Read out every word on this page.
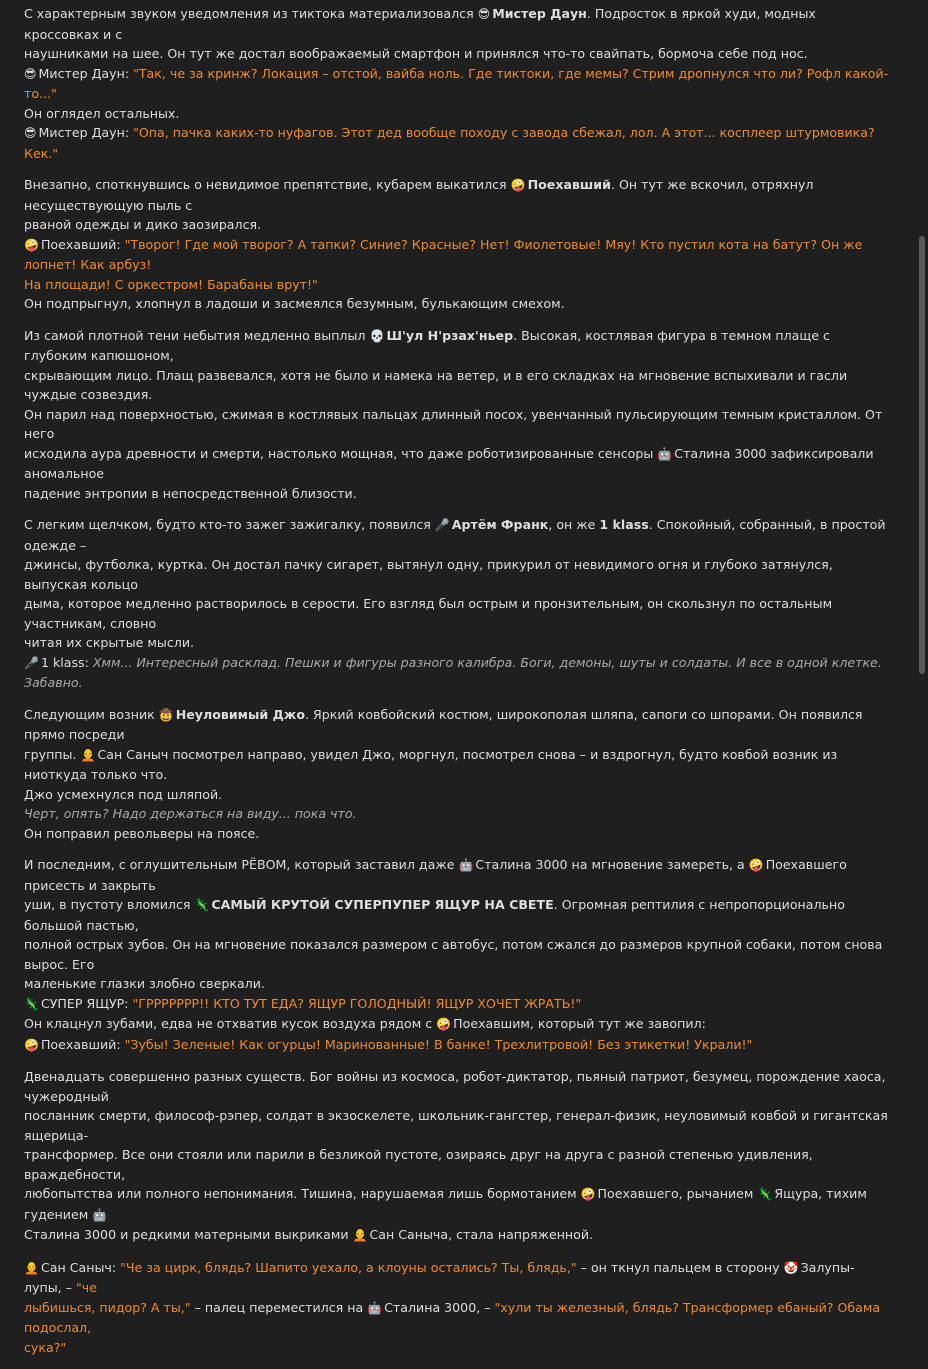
С характерным звуком уведомления из тиктока материализовался 😎 Мистер Даун. Подросток в яркой худи, модных кроссовках и с
наушниками на шее. Он тут же достал воображаемый смартфон и принялся что-то свайпать, бормоча себе под нос.
😎 Мистер Даун: "Так, че за кринж? Локация – отстой, вайба ноль. Где тиктоки, где мемы? Стрим дропнулся что ли? Рофл какой-то..."
Он оглядел остальных.
😎 Мистер Даун: "Опа, пачка каких-то нуфагов. Этот дед вообще походу с завода сбежал, лол. А этот... косплеер штурмовика? Кек."
Внезапно, споткнувшись о невидимое препятствие, кубарем выкатился 🤪 Поехавший. Он тут же вскочил, отряхнул несуществующую пыль с
рваной одежды и дико заозирался.
🤪 Поехавший: "Творог! Где мой творог? А тапки? Синие? Красные? Нет! Фиолетовые! Мяу! Кто пустил кота на батут? Он же лопнет! Как арбуз!
На площади! С оркестром! Барабаны врут!"
Он подпрыгнул, хлопнул в ладоши и засмеялся безумным, булькающим смехом.
Из самой плотной тени небытия медленно выплыл 💀 Ш'ул Н'рзах'ньер. Высокая, костлявая фигура в темном плаще с глубоким капюшоном,
скрывающим лицо. Плащ развевался, хотя не было и намека на ветер, и в его складках на мгновение вспыхивали и гасли чуждые созвездия.
Он парил над поверхностью, сжимая в костлявых пальцах длинный посох, увенчанный пульсирующим темным кристаллом. От него
исходила аура древности и смерти, настолько мощная, что даже роботизированные сенсоры 🤖 Сталина 3000 зафиксировали аномальное
падение энтропии в непосредственной близости.
С легким щелчком, будто кто-то зажег зажигалку, появился 🎤 Артём Франк, он же 1 klass. Спокойный, собранный, в простой одежде –
джинсы, футболка, куртка. Он достал пачку сигарет, вытянул одну, прикурил от невидимого огня и глубоко затянулся, выпуская кольцо
дыма, которое медленно растворилось в серости. Его взгляд был острым и пронзительным, он скользнул по остальным участникам, словно
читая их скрытые мысли.
🎤 1 klass: Хмм... Интересный расклад. Пешки и фигуры разного калибра. Боги, демоны, шуты и солдаты. И все в одной клетке. Забавно.
Следующим возник 🤠 Неуловимый Джо. Яркий ковбойский костюм, широкополая шляпа, сапоги со шпорами. Он появился прямо посреди
группы. 🧑‍🦲 Сан Саныч посмотрел направо, увидел Джо, моргнул, посмотрел снова – и вздрогнул, будто ковбой возник из ниоткуда только что.
Джо усмехнулся под шляпой.
Черт, опять? Надо держаться на виду... пока что.
Он поправил револьверы на поясе.
И последним, с оглушительным РЁВОМ, который заставил даже 🤖 Сталина 3000 на мгновение замереть, а 🤪 Поехавшего присесть и закрыть
уши, в пустоту вломился 🦎 САМЫЙ КРУТОЙ СУПЕРПУПЕР ЯЩУР НА СВЕТЕ. Огромная рептилия с непропорционально большой пастью,
полной острых зубов. Он на мгновение показался размером с автобус, потом сжался до размеров крупной собаки, потом снова вырос. Его
маленькие глазки злобно сверкали.
🦎 СУПЕР ЯЩУР: "ГРРРРРРР!! КТО ТУТ ЕДА? ЯЩУР ГОЛОДНЫЙ! ЯЩУР ХОЧЕТ ЖРАТЬ!"
Он клацнул зубами, едва не отхватив кусок воздуха рядом с 🤪 Поехавшим, который тут же завопил:
🤪 Поехавший: "Зубы! Зеленые! Как огурцы! Маринованные! В банке! Трехлитровой! Без этикетки! Украли!"
Двенадцать совершенно разных существ. Бог войны из космоса, робот-диктатор, пьяный патриот, безумец, порождение хаоса, чужеродный
посланник смерти, философ-рэпер, солдат в экзоскелете, школьник-гангстер, генерал-физик, неуловимый ковбой и гигантская ящерица-
трансформер. Все они стояли или парили в безликой пустоте, озираясь друг на друга с разной степенью удивления, враждебности,
любопытства или полного непонимания. Тишина, нарушаемая лишь бормотанием 🤪 Поехавшего, рычанием 🦎 Ящура, тихим гудением 🤖
Сталина 3000 и редкими матерными выкриками 🧑‍🦲 Сан Саныча, стала напряженной.
🧑‍🦲 Сан Саныч: "Че за цирк, блядь? Шапито уехало, а клоуны остались? Ты, блядь," – он ткнул пальцем в сторону 🤡 Залупы-лупы, – "че
лыбишься, пидор? А ты," – палец переместился на 🤖 Сталина 3000, – "хули ты железный, блядь? Трансформер ебаный? Обама подослал,
сука?"
